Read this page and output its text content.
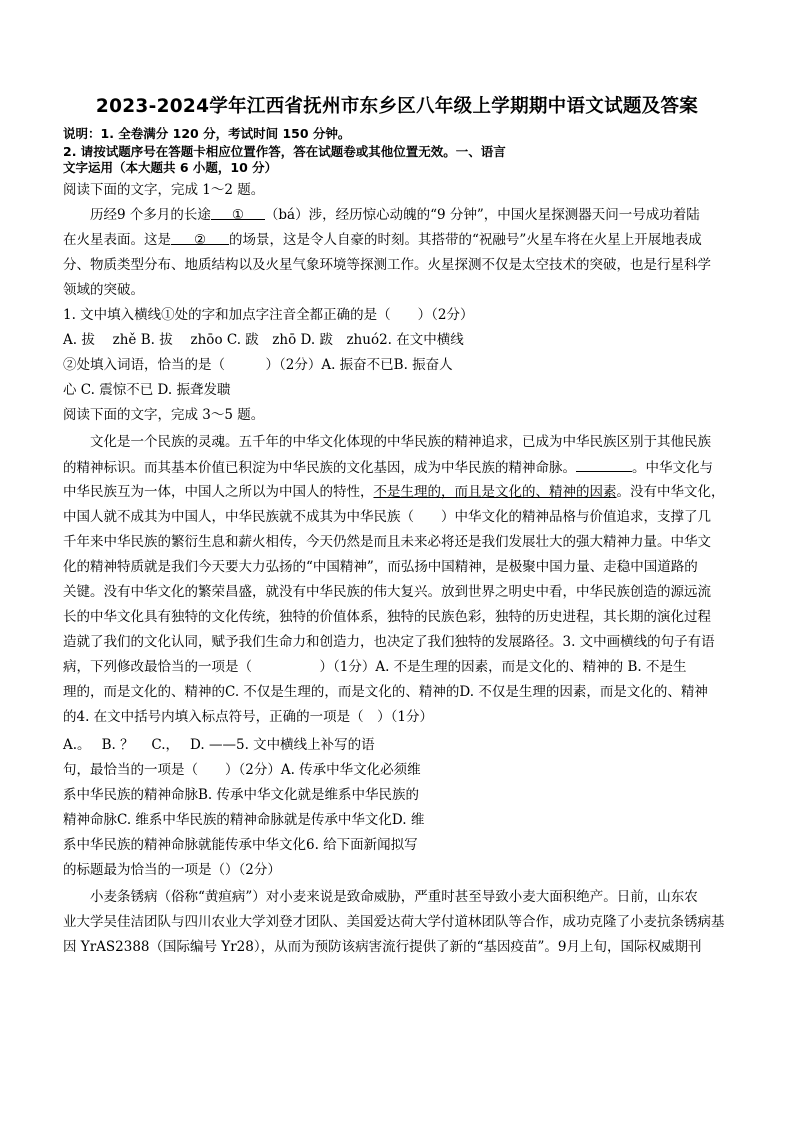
2023-2024学年江西省抚州市东乡区八年级上学期期中语文试题及答案
说明：1. 全卷满分 120 分，考试时间 150 分钟。
2. 请按试题序号在答题卡相应位置作答，答在试题卷或其他位置无效。一、语言
文字运用（本大题共 6 小题，10 分）
阅读下面的文字，完成 1～2 题。
历经9 个多月的长途 ① （bá）涉，经历惊心动魄的“9 分钟”，中国火星探测器天问一号成功着陆
在火星表面。这是 ② 的场景，这是令人自豪的时刻。其搭带的“祝融号”火星车将在火星上开展地表成
分、物质类型分布、地质结构以及火星气象环境等探测工作。火星探测不仅是太空技术的突破，也是行星科学
领域的突破。
1. 文中填入横线①处的字和加点字注音全都正确的是（　　）（2分）
A. 拔　 zhě B. 拔　 zhōo C. 跋　zhō D. 跋　zhuó2. 在文中横线
②处填入词语，恰当的是（　　　）（2分）A. 振奋不已B. 振奋人
心 C. 震惊不已 D. 振聋发聩
阅读下面的文字，完成 3～5 题。
文化是一个民族的灵魂。五千年的中华文化体现的中华民族的精神追求，已成为中华民族区别于其他民族
的精神标识。而其基本价值已积淀为中华民族的文化基因，成为中华民族的精神命脉。	。中华文化与
中华民族互为一体，中国人之所以为中国人的特性，不是生理的，而且是文化的、精神的因素。没有中华文化，
中国人就不成其为中国人，中华民族就不成其为中华民族（　　）中华文化的精神品格与价值追求，支撑了几
千年来中华民族的繁衍生息和薪火相传，今天仍然是而且未来必将还是我们发展壮大的强大精神力量。中华文
化的精神特质就是我们今天要大力弘扬的“中国精神”，而弘扬中国精神，是极聚中国力量、走稳中国道路的
关键。没有中华文化的繁荣昌盛，就没有中华民族的伟大复兴。放到世界之明史中看，中华民族创造的源远流
长的中华文化具有独特的文化传统，独特的价值体系，独特的民族色彩，独特的历史进程，其长期的演化过程
造就了我们的文化认同，赋予我们生命力和创造力，也决定了我们独特的发展路径。3. 文中画横线的句子有语
病，下列修改最恰当的一项是（　　　　　）（1分）A. 不是生理的因素，而是文化的、精神的 B. 不是生
理的，而是文化的、精神的C. 不仅是生理的，而是文化的、精神的D. 不仅是生理的因素，而是文化的、精神
的4. 在文中括号内填入标点符号，正确的一项是（　）（1分）
A.。　 B. ？　 C.，　 D. ——5. 文中横线上补写的语
句，最恰当的一项是（　　）（2分）A. 传承中华文化必须维
系中华民族的精神命脉B. 传承中华文化就是维系中华民族的
精神命脉C. 维系中华民族的精神命脉就是传承中华文化D. 维
系中华民族的精神命脉就能传承中华文化6. 给下面新闻拟写
的标题最为恰当的一项是（）（2分）
小麦条锈病（俗称“黄疸病”）对小麦来说是致命威胁，严重时甚至导致小麦大面积绝产。日前，山东农
业大学吴佳洁团队与四川农业大学刘登才团队、美国爱达荷大学付道林团队等合作，成功克隆了小麦抗条锈病基
因 YrAS2388（国际编号 Yr28），从而为预防该病害流行提供了新的“基因疫苗”。9月上旬，国际权威期刊
